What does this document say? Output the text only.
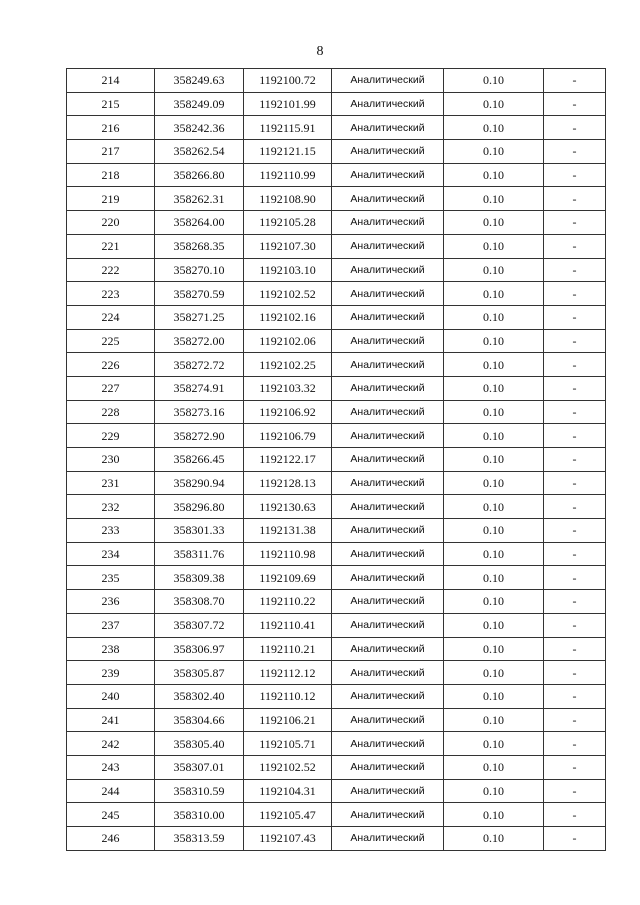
8
214	358249.63	1192100.72	Аналитический	0.10	-
215	358249.09	1192101.99	Аналитический	0.10	-
216	358242.36	1192115.91	Аналитический	0.10	-
217	358262.54	1192121.15	Аналитический	0.10	-
218	358266.80	1192110.99	Аналитический	0.10	-
219	358262.31	1192108.90	Аналитический	0.10	-
220	358264.00	1192105.28	Аналитический	0.10	-
221	358268.35	1192107.30	Аналитический	0.10	-
222	358270.10	1192103.10	Аналитический	0.10	-
223	358270.59	1192102.52	Аналитический	0.10	-
224	358271.25	1192102.16	Аналитический	0.10	-
225	358272.00	1192102.06	Аналитический	0.10	-
226	358272.72	1192102.25	Аналитический	0.10	-
227	358274.91	1192103.32	Аналитический	0.10	-
228	358273.16	1192106.92	Аналитический	0.10	-
229	358272.90	1192106.79	Аналитический	0.10	-
230	358266.45	1192122.17	Аналитический	0.10	-
231	358290.94	1192128.13	Аналитический	0.10	-
232	358296.80	1192130.63	Аналитический	0.10	-
233	358301.33	1192131.38	Аналитический	0.10	-
234	358311.76	1192110.98	Аналитический	0.10	-
235	358309.38	1192109.69	Аналитический	0.10	-
236	358308.70	1192110.22	Аналитический	0.10	-
237	358307.72	1192110.41	Аналитический	0.10	-
238	358306.97	1192110.21	Аналитический	0.10	-
239	358305.87	1192112.12	Аналитический	0.10	-
240	358302.40	1192110.12	Аналитический	0.10	-
241	358304.66	1192106.21	Аналитический	0.10	-
242	358305.40	1192105.71	Аналитический	0.10	-
243	358307.01	1192102.52	Аналитический	0.10	-
244	358310.59	1192104.31	Аналитический	0.10	-
245	358310.00	1192105.47	Аналитический	0.10	-
246	358313.59	1192107.43	Аналитический	0.10	-
